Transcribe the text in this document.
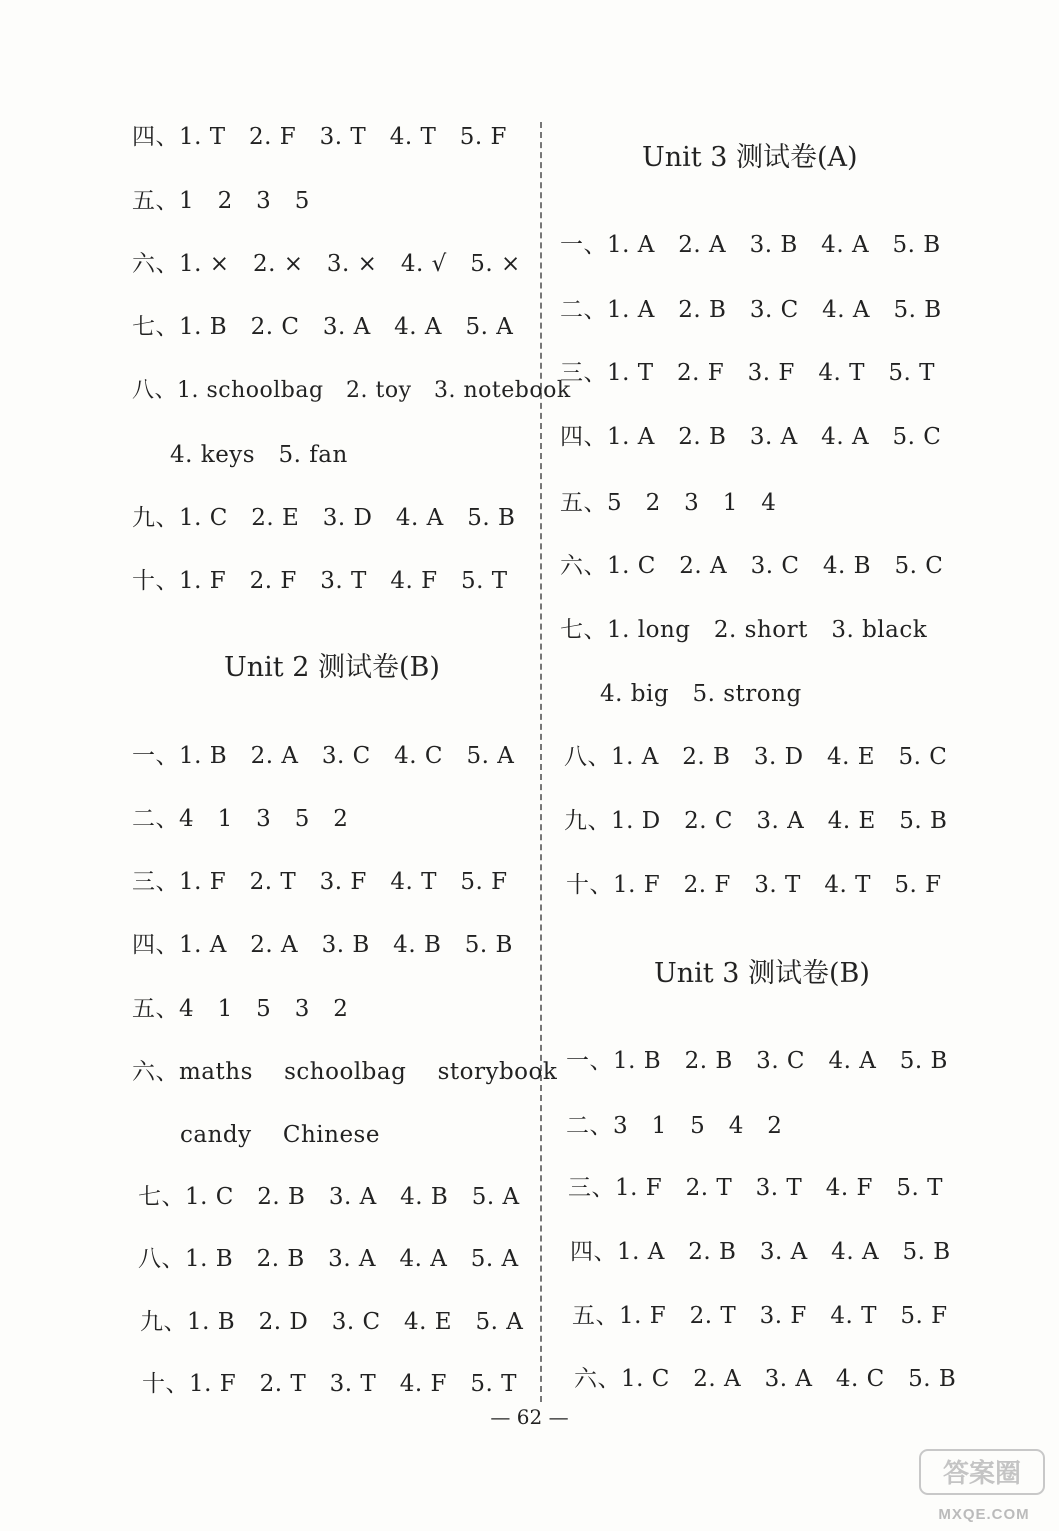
四、1. T   2. F   3. T   4. T   5. F
五、1   2   3   5
六、1. ×   2. ×   3. ×   4. √   5. ×
七、1. B   2. C   3. A   4. A   5. A
八、1. schoolbag   2. toy   3. notebook
4. keys   5. fan
九、1. C   2. E   3. D   4. A   5. B
十、1. F   2. F   3. T   4. F   5. T
Unit 2 测试卷(B)
一、1. B   2. A   3. C   4. C   5. A
二、4   1   3   5   2
三、1. F   2. T   3. F   4. T   5. F
四、1. A   2. A   3. B   4. B   5. B
五、4   1   5   3   2
六、maths    schoolbag    storybook
candy    Chinese
七、1. C   2. B   3. A   4. B   5. A
八、1. B   2. B   3. A   4. A   5. A
九、1. B   2. D   3. C   4. E   5. A
十、1. F   2. T   3. T   4. F   5. T
Unit 3 测试卷(A)
一、1. A   2. A   3. B   4. A   5. B
二、1. A   2. B   3. C   4. A   5. B
三、1. T   2. F   3. F   4. T   5. T
四、1. A   2. B   3. A   4. A   5. C
五、5   2   3   1   4
六、1. C   2. A   3. C   4. B   5. C
七、1. long   2. short   3. black
4. big   5. strong
八、1. A   2. B   3. D   4. E   5. C
九、1. D   2. C   3. A   4. E   5. B
十、1. F   2. F   3. T   4. T   5. F
Unit 3 测试卷(B)
一、1. B   2. B   3. C   4. A   5. B
二、3   1   5   4   2
三、1. F   2. T   3. T   4. F   5. T
四、1. A   2. B   3. A   4. A   5. B
五、1. F   2. T   3. F   4. T   5. F
六、1. C   2. A   3. A   4. C   5. B
— 62 —
答案圈
MXQE.COM
